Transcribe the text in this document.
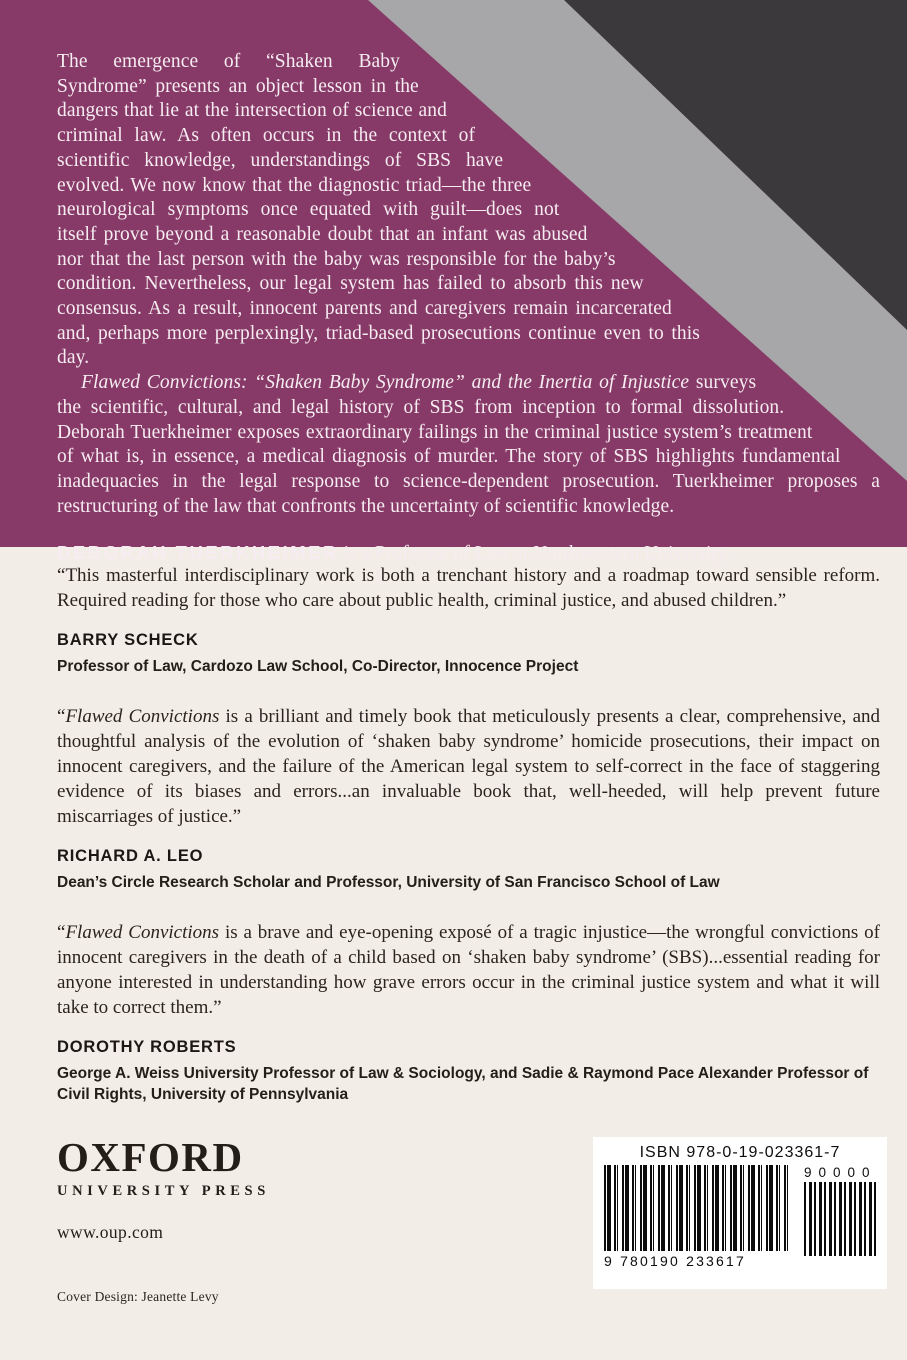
The emergence of “Shaken Baby Syndrome” presents an object lesson in the dangers that lie at the intersection of science and criminal law. As often occurs in the context of scientific knowledge, understandings of SBS have evolved. We now know that the diagnostic triad—the three neurological symptoms once equated with guilt—does not itself prove beyond a reasonable doubt that an infant was abused nor that the last person with the baby was responsible for the baby’s condition. Nevertheless, our legal system has failed to absorb this new consensus. As a result, innocent parents and caregivers remain incarcerated and, perhaps more perplexingly, triad-based prosecutions continue even to this day.

Flawed Convictions: “Shaken Baby Syndrome” and the Inertia of Injustice surveys the scientific, cultural, and legal history of SBS from inception to formal dissolution. Deborah Tuerkheimer exposes extraordinary failings in the criminal justice system’s treatment of what is, in essence, a medical diagnosis of murder. The story of SBS highlights fundamental inadequacies in the legal response to science-dependent prosecution. Tuerkheimer proposes a restructuring of the law that confronts the uncertainty of scientific knowledge.

DEBORAH TUERKHEIMER is a Professor of Law at Northwestern University.

“This masterful interdisciplinary work is both a trenchant history and a roadmap toward sensible reform. Required reading for those who care about public health, criminal justice, and abused children.”

BARRY SCHECK

Professor of Law, Cardozo Law School, Co-Director, Innocence Project

“Flawed Convictions is a brilliant and timely book that meticulously presents a clear, comprehensive, and thoughtful analysis of the evolution of ‘shaken baby syndrome’ homicide prosecutions, their impact on innocent caregivers, and the failure of the American legal system to self-correct in the face of staggering evidence of its biases and errors...an invaluable book that, well-heeded, will help prevent future miscarriages of justice.”

RICHARD A. LEO

Dean’s Circle Research Scholar and Professor, University of San Francisco School of Law

“Flawed Convictions is a brave and eye-opening exposé of a tragic injustice—the wrongful convictions of innocent caregivers in the death of a child based on ‘shaken baby syndrome’ (SBS)...essential reading for anyone interested in understanding how grave errors occur in the criminal justice system and what it will take to correct them.”

DOROTHY ROBERTS

George A. Weiss University Professor of Law & Sociology, and Sadie & Raymond Pace Alexander Professor of Civil Rights, University of Pennsylvania

OXFORD
UNIVERSITY PRESS
www.oup.com
Cover Design: Jeanette Levy
ISBN 978-0-19-023361-7
9 780190 233617
90000
